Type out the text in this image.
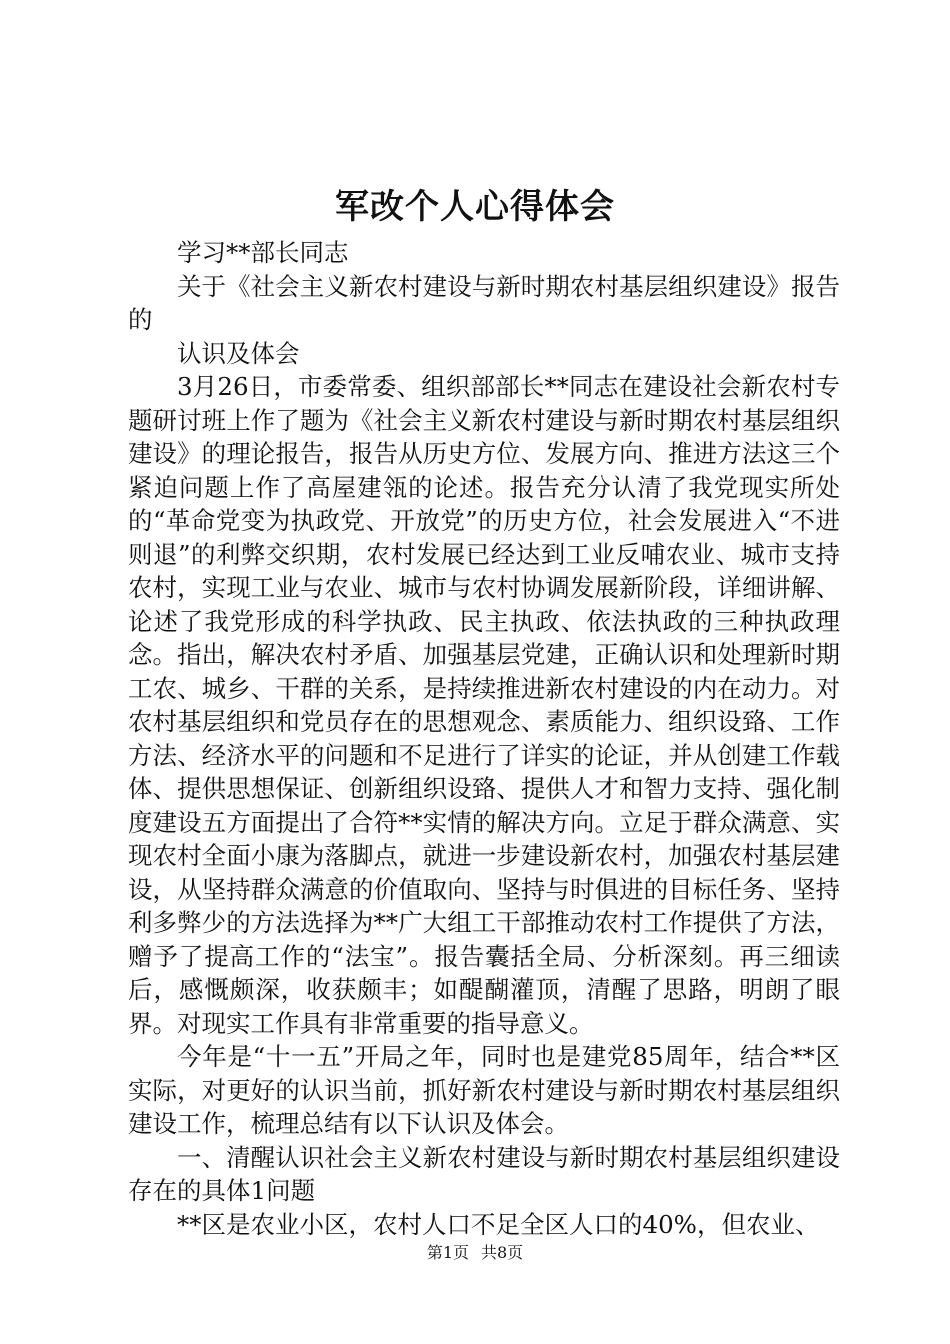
军改个人心得体会

学习**部长同志

关于《社会主义新农村建设与新时期农村基层组织建设》报告的

认识及体会

3月26日，市委常委、组织部部长**同志在建设社会新农村专题研讨班上作了题为《社会主义新农村建设与新时期农村基层组织建设》的理论报告，报告从历史方位、发展方向、推进方法这三个紧迫问题上作了高屋建瓴的论述。报告充分认清了我党现实所处的“革命党变为执政党、开放党”的历史方位，社会发展进入“不进则退”的利弊交织期，农村发展已经达到工业反哺农业、城市支持农村，实现工业与农业、城市与农村协调发展新阶段，详细讲解、论述了我党形成的科学执政、民主执政、依法执政的三种执政理念。指出，解决农村矛盾、加强基层党建，正确认识和处理新时期工农、城乡、干群的关系，是持续推进新农村建设的内在动力。对农村基层组织和党员存在的思想观念、素质能力、组织设臵、工作方法、经济水平的问题和不足进行了详实的论证，并从创建工作载体、提供思想保证、创新组织设臵、提供人才和智力支持、强化制度建设五方面提出了合符**实情的解决方向。立足于群众满意、实现农村全面小康为落脚点，就进一步建设新农村，加强农村基层建设，从坚持群众满意的价值取向、坚持与时俱进的目标任务、坚持利多弊少的方法选择为**广大组工干部推动农村工作提供了方法，赠予了提高工作的“法宝”。报告囊括全局、分析深刻。再三细读后，感慨颇深，收获颇丰；如醍醐灌顶，清醒了思路，明朗了眼界。对现实工作具有非常重要的指导意义。

今年是“十一五”开局之年，同时也是建党85周年，结合**区实际，对更好的认识当前，抓好新农村建设与新时期农村基层组织建设工作，梳理总结有以下认识及体会。

一、清醒认识社会主义新农村建设与新时期农村基层组织建设存在的具体1问题

**区是农业小区，农村人口不足全区人口的40%，但农业、

第1页 共8页
